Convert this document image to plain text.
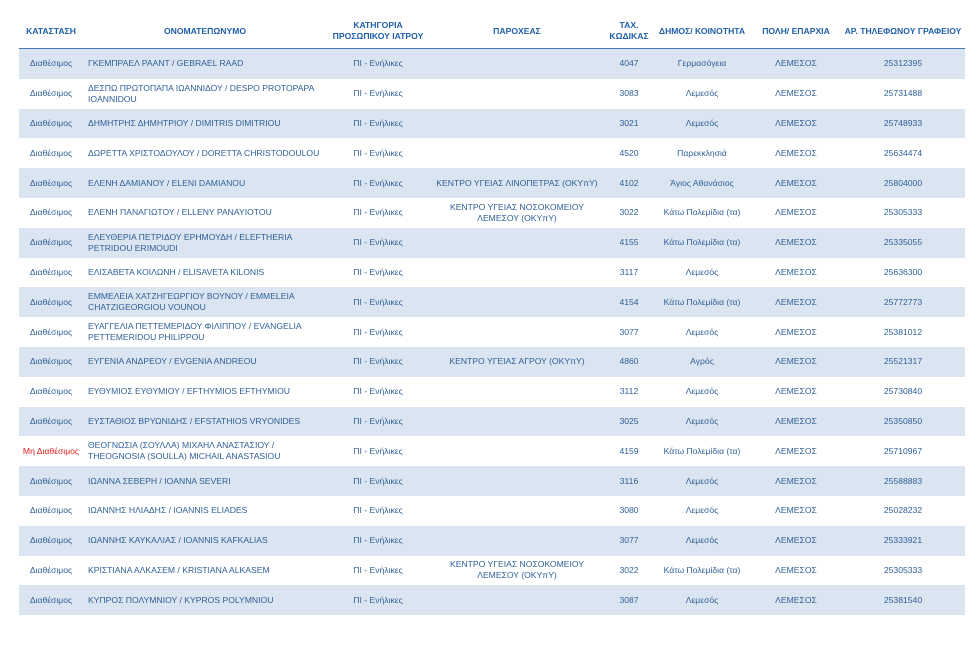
ΚΑΤΑΣΤΑΣΗ	ΟΝΟΜΑΤΕΠΩΝΥΜΟ	ΚΑΤΗΓΟΡΙΑ ΠΡΟΣΩΠΙΚΟΥ ΙΑΤΡΟΥ	ΠΑΡΟΧΕΑΣ	ΤΑΧ. ΚΩΔΙΚΑΣ	ΔΗΜΟΣ/ ΚΟΙΝΟΤΗΤΑ	ΠΟΛΗ/ ΕΠΑΡΧΙΑ	ΑΡ. ΤΗΛΕΦΩΝΟΥ ΓΡΑΦΕΙΟΥ
Διαθέσιμος	ΓΚΕΜΠΡΑΕΛ ΡΑΑΝΤ / GEBRAEL RAAD	ΠΙ - Ενήλικες		4047	Γερμασόγεια	ΛΕΜΕΣΟΣ	25312395
Διαθέσιμος	ΔΕΣΠΩ ΠΡΩΤΟΠΑΠΑ ΙΩΑΝΝΙΔΟΥ / DESPO PROTOPAPA IOANNIDOU	ΠΙ - Ενήλικες		3083	Λεμεσός	ΛΕΜΕΣΟΣ	25731488
Διαθέσιμος	ΔΗΜΗΤΡΗΣ ΔΗΜΗΤΡΙΟΥ / DIMITRIS DIMITRIOU	ΠΙ - Ενήλικες		3021	Λεμεσός	ΛΕΜΕΣΟΣ	25748933
Διαθέσιμος	ΔΩΡΕΤΤΑ ΧΡΙΣΤΟΔΟΥΛΟΥ / DORETTA CHRISTODOULOU	ΠΙ - Ενήλικες		4520	Παρεκκλησιά	ΛΕΜΕΣΟΣ	25634474
Διαθέσιμος	ΕΛΕΝΗ ΔΑΜΙΑΝΟΥ / ELENI DAMIANOU	ΠΙ - Ενήλικες	ΚΕΝΤΡΟ ΥΓΕΙΑΣ ΛΙΝΟΠΕΤΡΑΣ (ΟΚΥπΥ)	4102	Άγιος Αθανάσιος	ΛΕΜΕΣΟΣ	25804000
Διαθέσιμος	ΕΛΕΝΗ ΠΑΝΑΓΙΩΤΟΥ / ELLENY PANAYIOTOU	ΠΙ - Ενήλικες	ΚΕΝΤΡΟ ΥΓΕΙΑΣ ΝΟΣΟΚΟΜΕΙΟΥ ΛΕΜΕΣΟΥ (ΟΚΥπΥ)	3022	Κάτω Πολεμίδια (τα)	ΛΕΜΕΣΟΣ	25305333
Διαθέσιμος	ΕΛΕΥΘΕΡΙΑ ΠΕΤΡΙΔΟΥ ΕΡΗΜΟΥΔΗ / ELEFTHERIA PETRIDOU ERIMOUDI	ΠΙ - Ενήλικες		4155	Κάτω Πολεμίδια (τα)	ΛΕΜΕΣΟΣ	25335055
Διαθέσιμος	ΕΛΙΣΑΒΕΤΑ ΚΟΙΛΩΝΗ / ELISAVETA KILONIS	ΠΙ - Ενήλικες		3117	Λεμεσός	ΛΕΜΕΣΟΣ	25636300
Διαθέσιμος	ΕΜΜΕΛΕΙΑ ΧΑΤΖΗΓΕΩΡΓΙΟΥ ΒΟΥΝΟΥ / EMMELEIA CHATZIGEORGIOU VOUNOU	ΠΙ - Ενήλικες		4154	Κάτω Πολεμίδια (τα)	ΛΕΜΕΣΟΣ	25772773
Διαθέσιμος	ΕΥΑΓΓΕΛΙΑ ΠΕΤΤΕΜΕΡΙΔΟΥ ΦΙΛΙΠΠΟΥ / EVANGELIA PETTEMERIDOU PHILIPPOU	ΠΙ - Ενήλικες		3077	Λεμεσός	ΛΕΜΕΣΟΣ	25381012
Διαθέσιμος	ΕΥΓΕΝΙΑ ΑΝΔΡΕΟΥ / EVGENIA ANDREOU	ΠΙ - Ενήλικες	ΚΕΝΤΡΟ ΥΓΕΙΑΣ ΑΓΡΟΥ (ΟΚΥπΥ)	4860	Αγρός	ΛΕΜΕΣΟΣ	25521317
Διαθέσιμος	ΕΥΘΥΜΙΟΣ ΕΥΘΥΜΙΟΥ / EFTHYMIOS EFTHYMIOU	ΠΙ - Ενήλικες		3112	Λεμεσός	ΛΕΜΕΣΟΣ	25730840
Διαθέσιμος	ΕΥΣΤΑΘΙΟΣ ΒΡΥΩΝΙΔΗΣ / EFSTATHIOS VRYONIDES	ΠΙ - Ενήλικες		3025	Λεμεσός	ΛΕΜΕΣΟΣ	25350850
Μη Διαθέσιμος	ΘΕΟΓΝΩΣΙΑ (ΣΟΥΛΛΑ) ΜΙΧΑΗΛ ΑΝΑΣΤΑΣΙΟΥ / THEOGNOSIA (SOULLA) MICHAIL ANASTASIOU	ΠΙ - Ενήλικες		4159	Κάτω Πολεμίδια (τα)	ΛΕΜΕΣΟΣ	25710967
Διαθέσιμος	ΙΩΑΝΝΑ ΣΕΒΕΡΗ / IOANNA SEVERI	ΠΙ - Ενήλικες		3116	Λεμεσός	ΛΕΜΕΣΟΣ	25588883
Διαθέσιμος	ΙΩΑΝΝΗΣ ΗΛΙΑΔΗΣ / IOANNIS ELIADES	ΠΙ - Ενήλικες		3080	Λεμεσός	ΛΕΜΕΣΟΣ	25028232
Διαθέσιμος	ΙΩΑΝΝΗΣ ΚΑΥΚΑΛΙΑΣ / IOANNIS KAFKALIAS	ΠΙ - Ενήλικες		3077	Λεμεσός	ΛΕΜΕΣΟΣ	25333921
Διαθέσιμος	ΚΡΙΣΤΙΑΝΑ ΑΛΚΑΣΕΜ / KRISTIANA ALKASEM	ΠΙ - Ενήλικες	ΚΕΝΤΡΟ ΥΓΕΙΑΣ ΝΟΣΟΚΟΜΕΙΟΥ ΛΕΜΕΣΟΥ (ΟΚΥπΥ)	3022	Κάτω Πολεμίδια (τα)	ΛΕΜΕΣΟΣ	25305333
Διαθέσιμος	ΚΥΠΡΟΣ ΠΟΛΥΜΝΙΟΥ / KYPROS POLYMNIOU	ΠΙ - Ενήλικες		3087	Λεμεσός	ΛΕΜΕΣΟΣ	25381540
